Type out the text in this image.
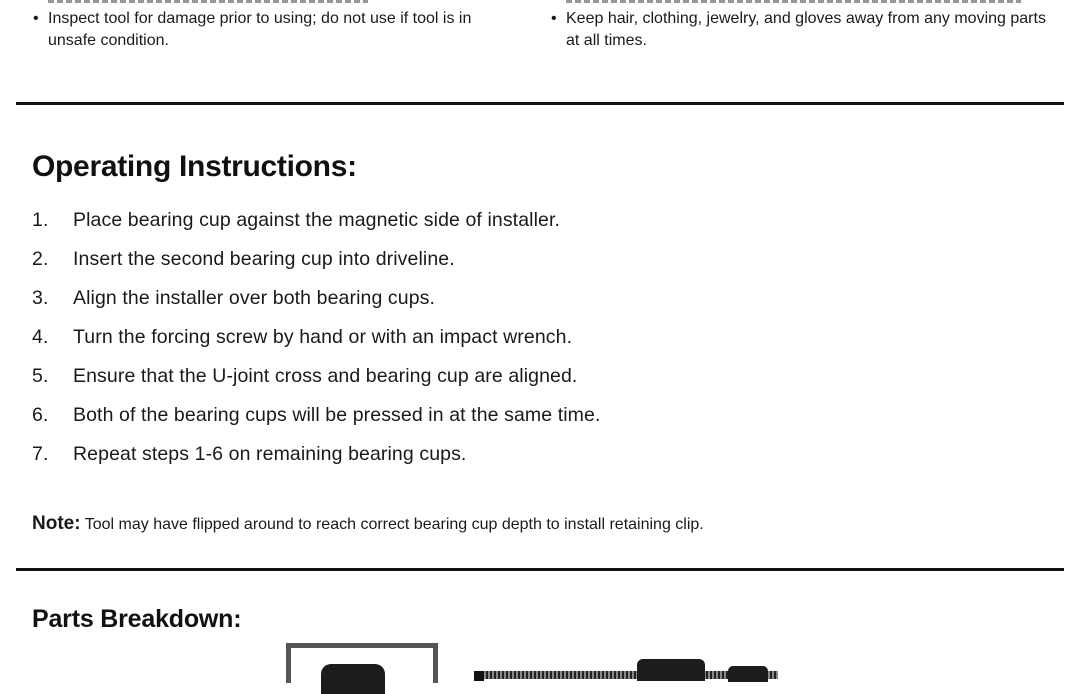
• Inspect tool for damage prior to using; do not use if tool is in unsafe condition.
• Keep hair, clothing, jewelry, and gloves away from any moving parts at all times.
Operating Instructions:
1. Place bearing cup against the magnetic side of installer.
2. Insert the second bearing cup into driveline.
3. Align the installer over both bearing cups.
4. Turn the forcing screw by hand or with an impact wrench.
5. Ensure that the U-joint cross and bearing cup are aligned.
6. Both of the bearing cups will be pressed in at the same time.
7. Repeat steps 1-6 on remaining bearing cups.
Note: Tool may have flipped around to reach correct bearing cup depth to install retaining clip.
Parts Breakdown:
